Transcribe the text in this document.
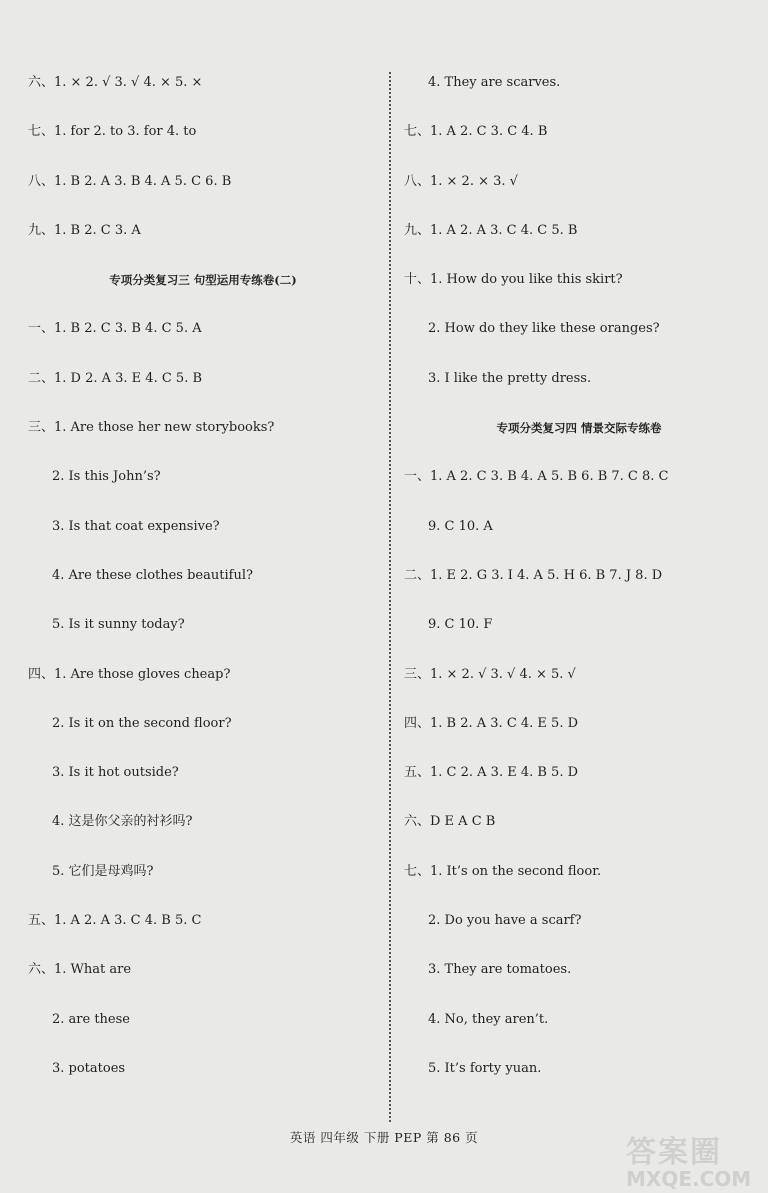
六、1. × 2. √ 3. √ 4. × 5. ×
七、1. for 2. to 3. for 4. to
八、1. B 2. A 3. B 4. A 5. C 6. B
九、1. B 2. C 3. A
专项分类复习三 句型运用专练卷(二)
一、1. B 2. C 3. B 4. C 5. A
二、1. D 2. A 3. E 4. C 5. B
三、1. Are those her new storybooks?
2. Is this John’s?
3. Is that coat expensive?
4. Are these clothes beautiful?
5. Is it sunny today?
四、1. Are those gloves cheap?
2. Is it on the second floor?
3. Is it hot outside?
4. 这是你父亲的衬衫吗?
5. 它们是母鸡吗?
五、1. A 2. A 3. C 4. B 5. C
六、1. What are
2. are these
3. potatoes
4. They are scarves.
七、1. A 2. C 3. C 4. B
八、1. × 2. × 3. √
九、1. A 2. A 3. C 4. C 5. B
十、1. How do you like this skirt?
2. How do they like these oranges?
3. I like the pretty dress.
专项分类复习四 情景交际专练卷
一、1. A 2. C 3. B 4. A 5. B 6. B 7. C 8. C
9. C 10. A
二、1. E 2. G 3. I 4. A 5. H 6. B 7. J 8. D
9. C 10. F
三、1. × 2. √ 3. √ 4. × 5. √
四、1. B 2. A 3. C 4. E 5. D
五、1. C 2. A 3. E 4. B 5. D
六、D E A C B
七、1. It’s on the second floor.
2. Do you have a scarf?
3. They are tomatoes.
4. No, they aren’t.
5. It’s forty yuan.
英语 四年级 下册 PEP 第 86 页	答案圈
MXQE.COM
